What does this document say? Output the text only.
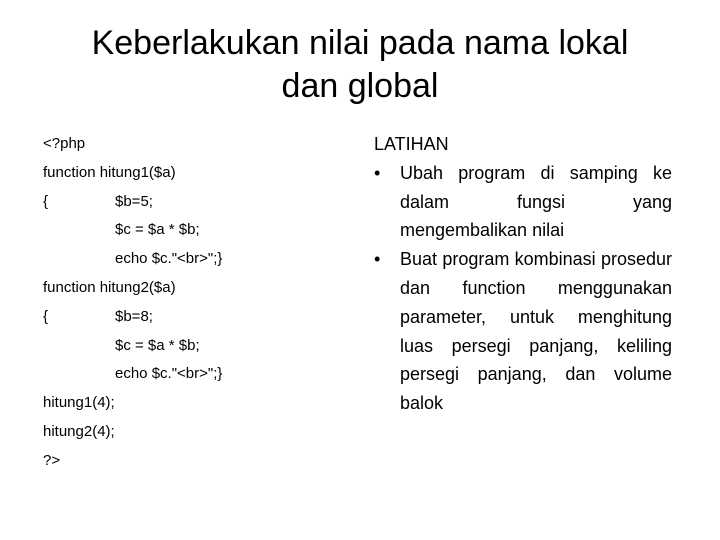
Keberlakukan nilai pada nama lokal
dan global
<?php
function hitung1($a)
{	$b=5;
$c = $a * $b;
echo $c."<br>";}
function hitung2($a)
{	$b=8;
$c = $a * $b;
echo $c."<br>";}
hitung1(4);
hitung2(4);
?>
LATIHAN
•	Ubah program di samping ke dalam fungsi yang mengembalikan nilai
•	Buat program kombinasi prosedur dan function menggunakan parameter, untuk menghitung luas persegi panjang, keliling persegi panjang, dan volume balok
